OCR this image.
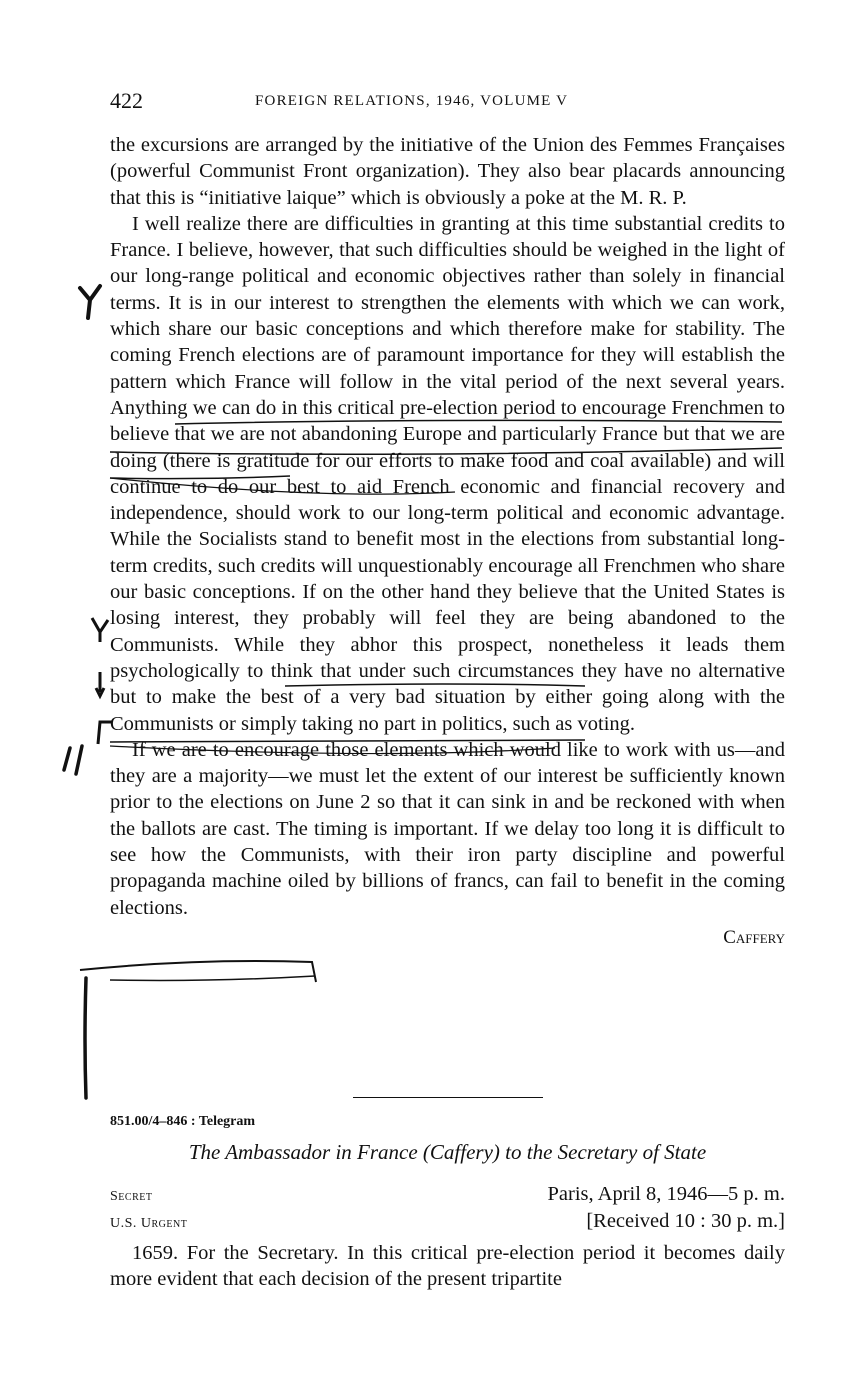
422	FOREIGN RELATIONS, 1946, VOLUME V

the excursions are arranged by the initiative of the Union des Femmes Françaises (powerful Communist Front organization). They also bear placards announcing that this is “initiative laique” which is obviously a poke at the M. R. P.

I well realize there are difficulties in granting at this time substantial credits to France. I believe, however, that such difficulties should be weighed in the light of our long-range political and economic objectives rather than solely in financial terms. It is in our interest to strengthen the elements with which we can work, which share our basic conceptions and which therefore make for stability. The coming French elections are of paramount importance for they will establish the pattern which France will follow in the vital period of the next several years. Anything we can do in this critical pre-election period to encourage Frenchmen to believe that we are not abandoning Europe and particularly France but that we are doing (there is gratitude for our efforts to make food and coal available) and will continue to do our best to aid French economic and financial recovery and independence, should work to our long-term political and economic advantage. While the Socialists stand to benefit most in the elections from substantial long-term credits, such credits will unquestionably encourage all Frenchmen who share our basic conceptions. If on the other hand they believe that the United States is losing interest, they probably will feel they are being abandoned to the Communists. While they abhor this prospect, nonetheless it leads them psychologically to think that under such circumstances they have no alternative but to make the best of a very bad situation by either going along with the Communists or simply taking no part in politics, such as voting.

If we are to encourage those elements which would like to work with us—and they are a majority—we must let the extent of our interest be sufficiently known prior to the elections on June 2 so that it can sink in and be reckoned with when the ballots are cast. The timing is important. If we delay too long it is difficult to see how the Communists, with their iron party discipline and powerful propaganda machine oiled by billions of francs, can fail to benefit in the coming elections.

Caffery

851.00/4–846 : Telegram
The Ambassador in France (Caffery) to the Secretary of State
Secret	Paris, April 8, 1946—5 p. m.
U.S. Urgent	[Received 10 : 30 p. m.]

1659. For the Secretary. In this critical pre-election period it becomes daily more evident that each decision of the present tripartite
